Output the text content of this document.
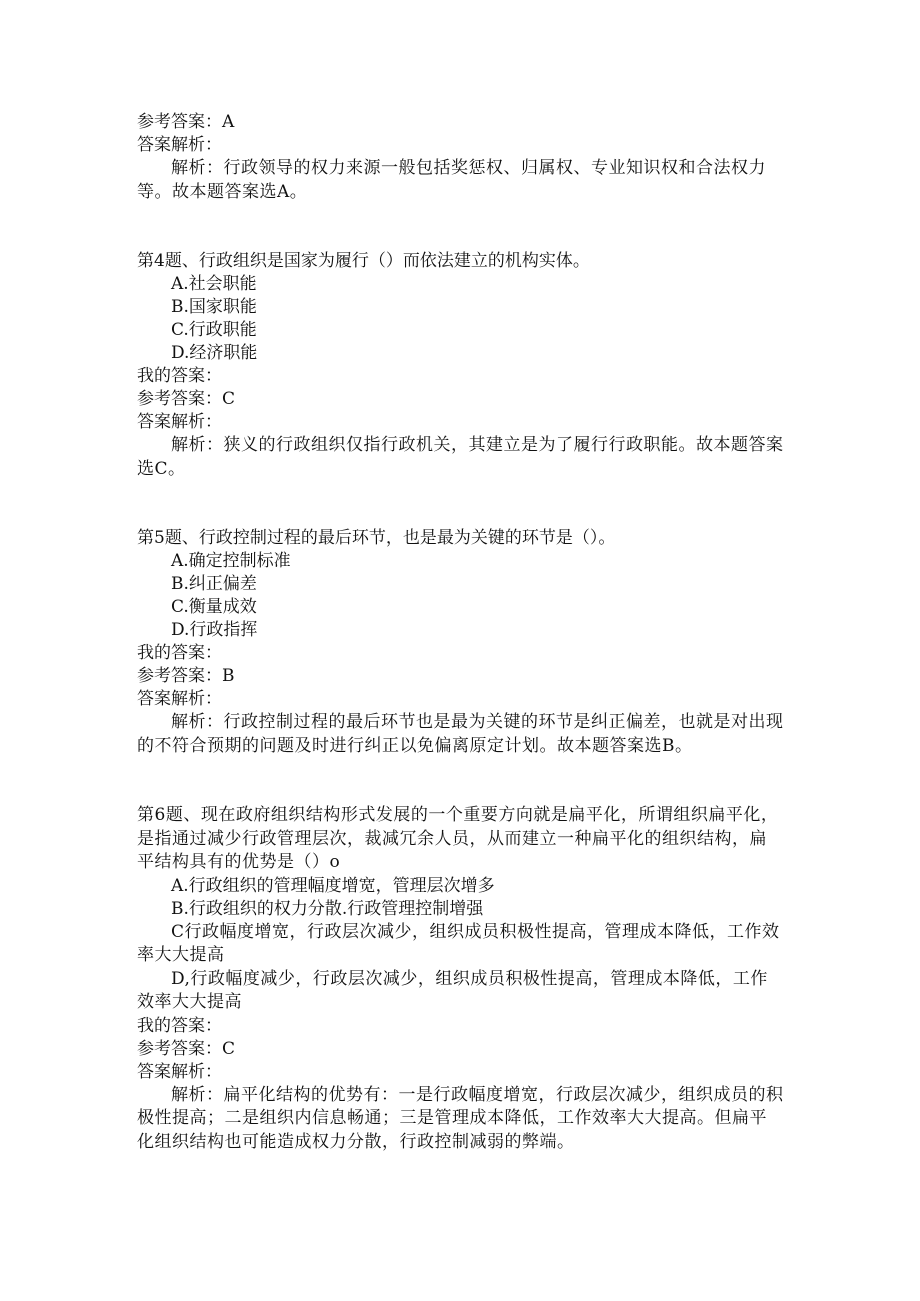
参考答案：A
答案解析：
解析：行政领导的权力来源一般包括奖惩权、归属权、专业知识权和合法权力等。故本题答案选A。
第4题、行政组织是国家为履行（）而依法建立的机构实体。
A.社会职能
B.国家职能
C.行政职能
D.经济职能
我的答案：
参考答案：C
答案解析：
解析：狭义的行政组织仅指行政机关，其建立是为了履行行政职能。故本题答案选C。
第5题、行政控制过程的最后环节，也是最为关键的环节是（）。
A.确定控制标准
B.纠正偏差
C.衡量成效
D.行政指挥
我的答案：
参考答案：B
答案解析：
解析：行政控制过程的最后环节也是最为关键的环节是纠正偏差，也就是对出现的不符合预期的问题及时进行纠正以免偏离原定计划。故本题答案选B。
第6题、现在政府组织结构形式发展的一个重要方向就是扁平化，所谓组织扁平化，是指通过减少行政管理层次，裁减冗余人员，从而建立一种扁平化的组织结构，扁平结构具有的优势是（）o
A.行政组织的管理幅度增宽，管理层次增多
B.行政组织的权力分散.行政管理控制增强
C行政幅度增宽，行政层次减少，组织成员积极性提高，管理成本降低，工作效率大大提高
D,行政幅度减少，行政层次减少，组织成员积极性提高，管理成本降低，工作效率大大提高
我的答案：
参考答案：C
答案解析：
解析：扁平化结构的优势有：一是行政幅度增宽，行政层次减少，组织成员的积极性提高；二是组织内信息畅通；三是管理成本降低，工作效率大大提高。但扁平化组织结构也可能造成权力分散，行政控制减弱的弊端。
